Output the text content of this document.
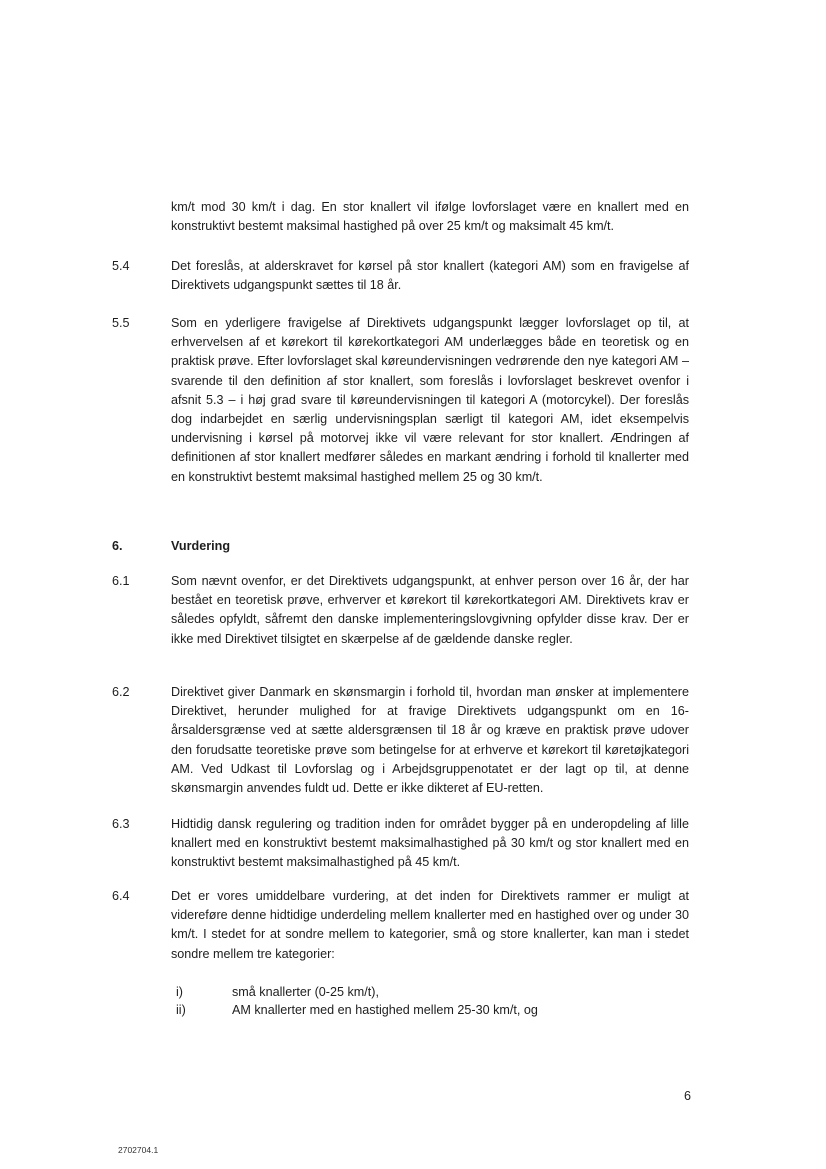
km/t mod 30 km/t i dag. En stor knallert vil ifølge lovforslaget være en knallert med en konstruktivt bestemt maksimal hastighed på over 25 km/t og maksimalt 45 km/t.

5.4	Det foreslås, at alderskravet for kørsel på stor knallert (kategori AM) som en fravigelse af Direktivets udgangspunkt sættes til 18 år.

5.5	Som en yderligere fravigelse af Direktivets udgangspunkt lægger lovforslaget op til, at erhvervelsen af et kørekort til kørekortkategori AM underlægges både en teoretisk og en praktisk prøve. Efter lovforslaget skal køreundervisningen vedrørende den nye kategori AM – svarende til den definition af stor knallert, som foreslås i lovforslaget beskrevet ovenfor i afsnit 5.3 – i høj grad svare til køreundervisningen til kategori A (motorcykel). Der foreslås dog indarbejdet en særlig undervisningsplan særligt til kategori AM, idet eksempelvis undervisning i kørsel på motorvej ikke vil være relevant for stor knallert. Ændringen af definitionen af stor knallert medfører således en markant ændring i forhold til knallerter med en konstruktivt bestemt maksimal hastighed mellem 25 og 30 km/t.

6.	Vurdering

6.1	Som nævnt ovenfor, er det Direktivets udgangspunkt, at enhver person over 16 år, der har bestået en teoretisk prøve, erhverver et kørekort til kørekortkategori AM. Direktivets krav er således opfyldt, såfremt den danske implementeringslovgivning opfylder disse krav. Der er ikke med Direktivet tilsigtet en skærpelse af de gældende danske regler.

6.2	Direktivet giver Danmark en skønsmargin i forhold til, hvordan man ønsker at implementere Direktivet, herunder mulighed for at fravige Direktivets udgangspunkt om en 16-årsaldersgrænse ved at sætte aldersgrænsen til 18 år og kræve en praktisk prøve udover den forudsatte teoretiske prøve som betingelse for at erhverve et kørekort til køretøjkategori AM. Ved Udkast til Lovforslag og i Arbejdsgruppenotatet er der lagt op til, at denne skønsmargin anvendes fuldt ud. Dette er ikke dikteret af EU-retten.

6.3	Hidtidig dansk regulering og tradition inden for området bygger på en underopdeling af lille knallert med en konstruktivt bestemt maksimalhastighed på 30 km/t og stor knallert med en konstruktivt bestemt maksimalhastighed på 45 km/t.

6.4	Det er vores umiddelbare vurdering, at det inden for Direktivets rammer er muligt at videreføre denne hidtidige underdeling mellem knallerter med en hastighed over og under 30 km/t. I stedet for at sondre mellem to kategorier, små og store knallerter, kan man i stedet sondre mellem tre kategorier:

i)	små knallerter (0-25 km/t),
ii)	AM knallerter med en hastighed mellem 25-30 km/t, og
6
2702704.1
